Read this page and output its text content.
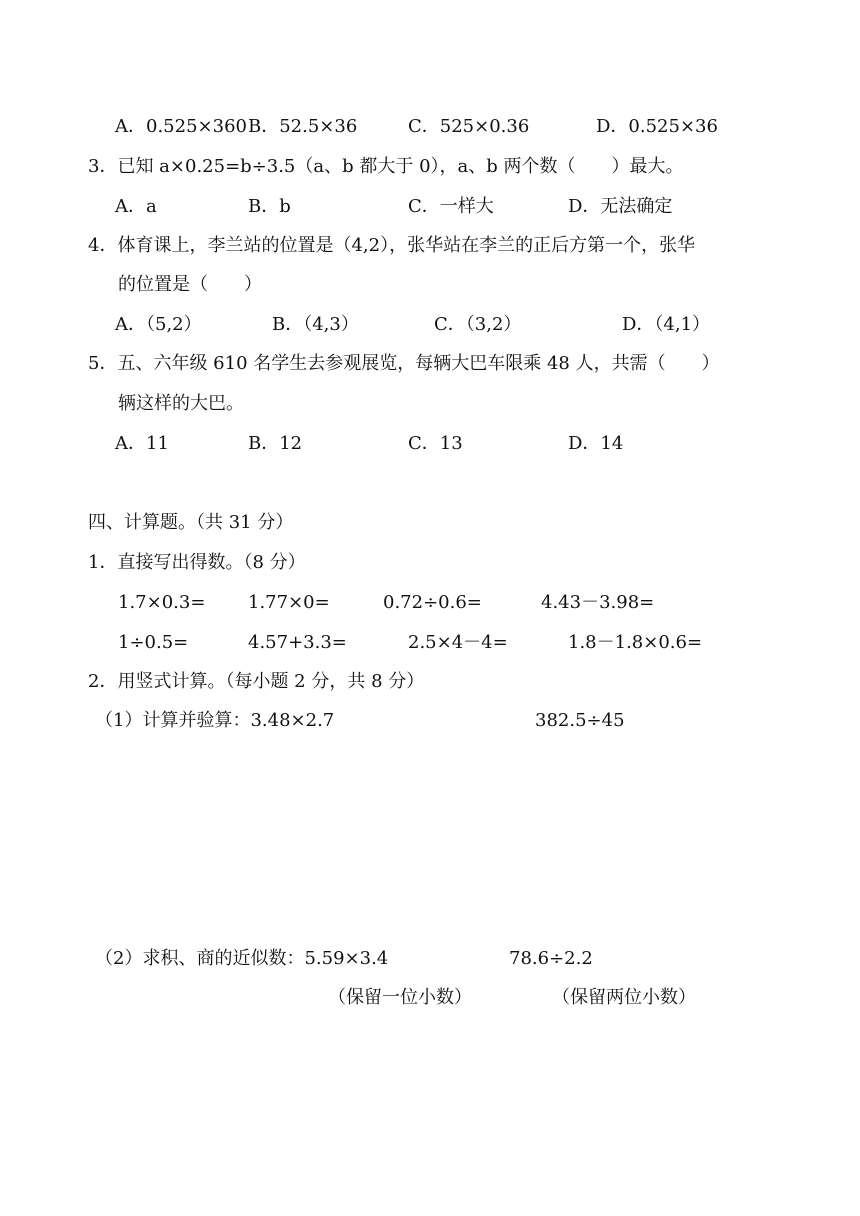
A．0.525×360 B．52.5×36	C．525×0.36	D．0.525×36
3．已知 a×0.25=b÷3.5（a、b 都大于 0），a、b 两个数（　　）最大。
A．a	B．b	C．一样大	D．无法确定
4．体育课上，李兰站的位置是（4,2），张华站在李兰的正后方第一个，张华
的位置是（　　）
A．（5,2）	B．（4,3）	C．（3,2）	D．（4,1）
5．五、六年级 610 名学生去参观展览，每辆大巴车限乘 48 人，共需（　　）
辆这样的大巴。
A．11	B．12	C．13	D．14
四、计算题。（共 31 分）
1．直接写出得数。（8 分）
1.7×0.3= 1.77×0=	0.72÷0.6=	4.43－3.98=
1÷0.5=	4.57+3.3=	2.5×4－4=	1.8－1.8×0.6=
2．用竖式计算。（每小题 2 分，共 8 分）
（1）计算并验算：3.48×2.7	382.5÷45
（2）求积、商的近似数：5.59×3.4	78.6÷2.2
（保留一位小数）	（保留两位小数）
